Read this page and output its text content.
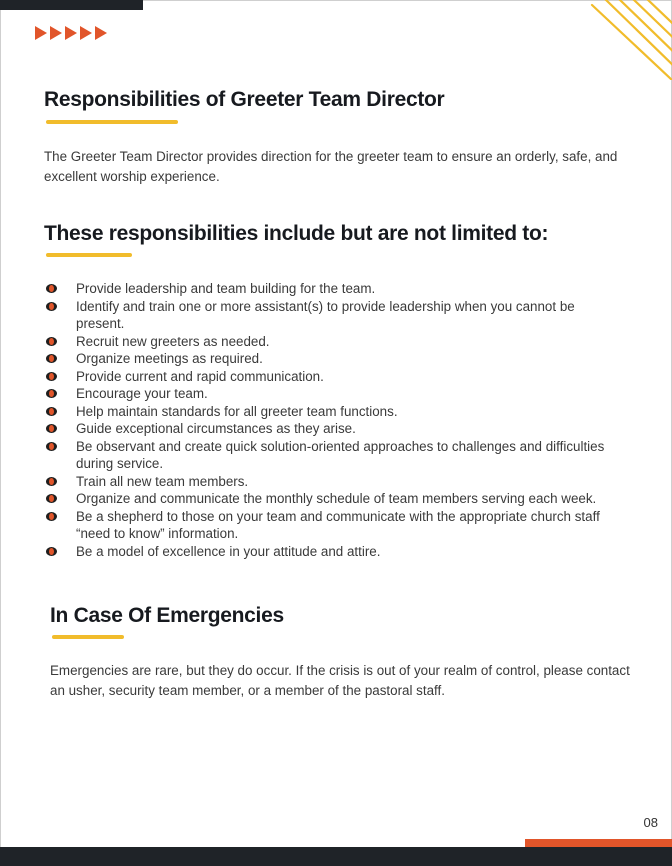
Responsibilities of Greeter Team Director

The Greeter Team Director provides direction for the greeter team to ensure an orderly, safe, and excellent worship experience.

These responsibilities include but are not limited to:
Provide leadership and team building for the team.
Identify and train one or more assistant(s) to provide leadership when you cannot be present.
Recruit new greeters as needed.
Organize meetings as required.
Provide current and rapid communication.
Encourage your team.
Help maintain standards for all greeter team functions.
Guide exceptional circumstances as they arise.
Be observant and create quick solution-oriented approaches to challenges and difficulties during service.
Train all new team members.
Organize and communicate the monthly schedule of team members serving each week.
Be a shepherd to those on your team and communicate with the appropriate church staff “need to know” information.
Be a model of excellence in your attitude and attire.
In Case Of Emergencies

Emergencies are rare, but they do occur. If the crisis is out of your realm of control, please contact an usher, security team member, or a member of the pastoral staff.

08
